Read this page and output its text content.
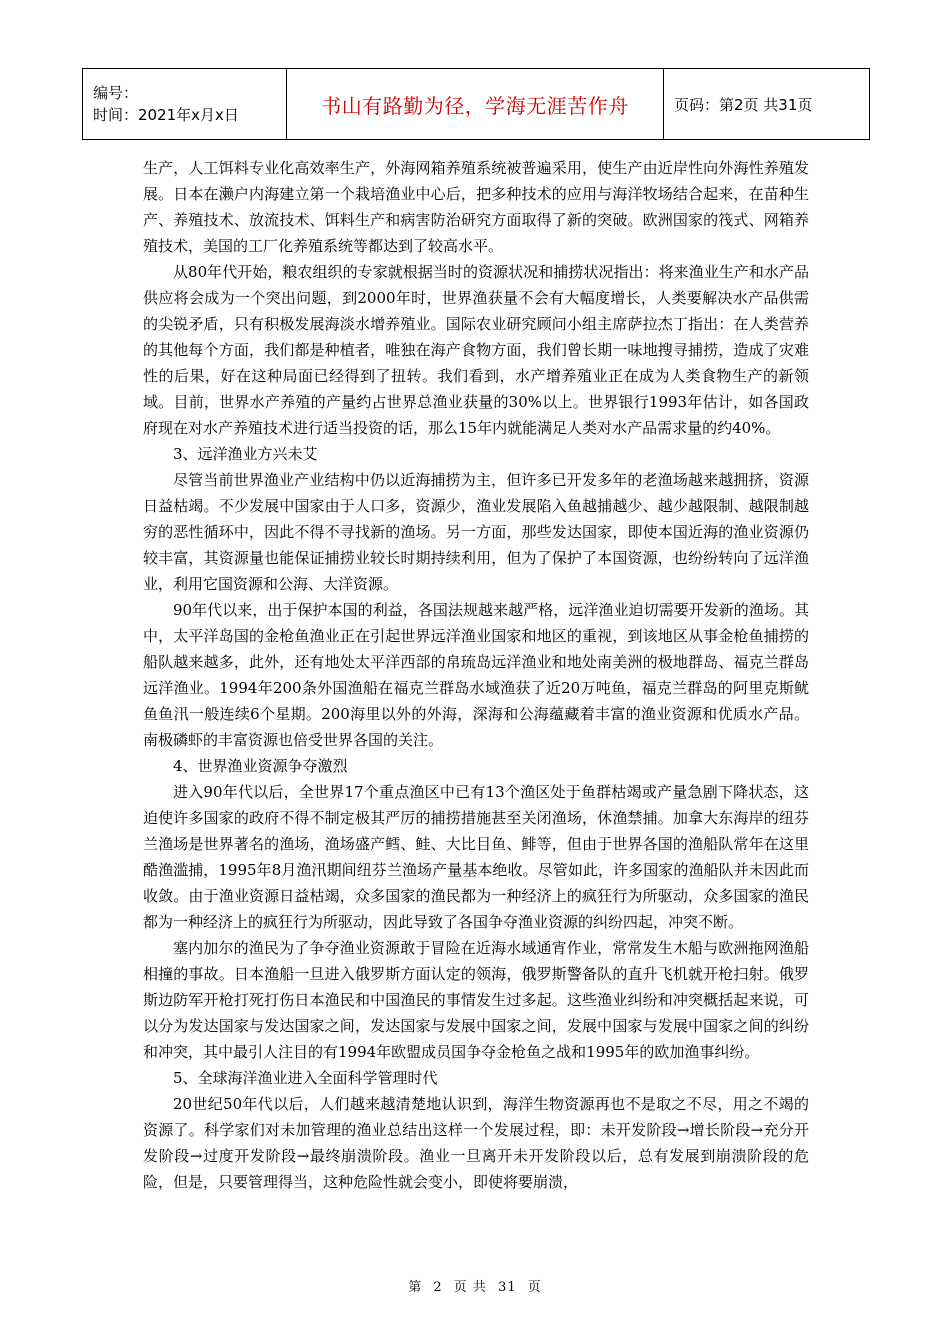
编号：
时间：2021年x月x日	书山有路勤为径，学海无涯苦作舟	页码：第2页 共31页

生产，人工饵料专业化高效率生产，外海网箱养殖系统被普遍采用，使生产由近岸性向外海性养殖发展。日本在濑户内海建立第一个栽培渔业中心后，把多种技术的应用与海洋牧场结合起来，在苗种生产、养殖技术、放流技术、饵料生产和病害防治研究方面取得了新的突破。欧洲国家的筏式、网箱养殖技术，美国的工厂化养殖系统等都达到了较高水平。

从80年代开始，粮农组织的专家就根据当时的资源状况和捕捞状况指出：将来渔业生产和水产品供应将会成为一个突出问题，到2000年时，世界渔获量不会有大幅度增长，人类要解决水产品供需的尖锐矛盾，只有积极发展海淡水增养殖业。国际农业研究顾问小组主席萨拉杰丁指出：在人类营养的其他每个方面，我们都是种植者，唯独在海产食物方面，我们曾长期一味地搜寻捕捞，造成了灾难性的后果，好在这种局面已经得到了扭转。我们看到，水产增养殖业正在成为人类食物生产的新领域。目前，世界水产养殖的产量约占世界总渔业获量的30%以上。世界银行1993年估计，如各国政府现在对水产养殖技术进行适当投资的话，那么15年内就能满足人类对水产品需求量的约40%。

3、远洋渔业方兴未艾

尽管当前世界渔业产业结构中仍以近海捕捞为主，但许多已开发多年的老渔场越来越拥挤，资源日益枯竭。不少发展中国家由于人口多，资源少，渔业发展陷入鱼越捕越少、越少越限制、越限制越穷的恶性循环中，因此不得不寻找新的渔场。另一方面，那些发达国家，即使本国近海的渔业资源仍较丰富，其资源量也能保证捕捞业较长时期持续利用，但为了保护了本国资源，也纷纷转向了远洋渔业，利用它国资源和公海、大洋资源。

90年代以来，出于保护本国的利益，各国法规越来越严格，远洋渔业迫切需要开发新的渔场。其中，太平洋岛国的金枪鱼渔业正在引起世界远洋渔业国家和地区的重视，到该地区从事金枪鱼捕捞的船队越来越多，此外，还有地处太平洋西部的帛琉岛远洋渔业和地处南美洲的极地群岛、福克兰群岛远洋渔业。1994年200条外国渔船在福克兰群岛水域渔获了近20万吨鱼，福克兰群岛的阿里克斯鱿鱼鱼汛一般连续6个星期。200海里以外的外海，深海和公海蕴藏着丰富的渔业资源和优质水产品。南极磷虾的丰富资源也倍受世界各国的关注。

4、世界渔业资源争夺激烈

进入90年代以后，全世界17个重点渔区中已有13个渔区处于鱼群枯竭或产量急剧下降状态，这迫使许多国家的政府不得不制定极其严厉的捕捞措施甚至关闭渔场，休渔禁捕。加拿大东海岸的纽芬兰渔场是世界著名的渔场，渔场盛产鳕、鲑、大比目鱼、鲱等，但由于世界各国的渔船队常年在这里酷渔滥捕，1995年8月渔汛期间纽芬兰渔场产量基本绝收。尽管如此，许多国家的渔船队并未因此而收敛。由于渔业资源日益枯竭，众多国家的渔民都为一种经济上的疯狂行为所驱动，众多国家的渔民都为一种经济上的疯狂行为所驱动，因此导致了各国争夺渔业资源的纠纷四起，冲突不断。

塞内加尔的渔民为了争夺渔业资源敢于冒险在近海水域通宵作业，常常发生木船与欧洲拖网渔船相撞的事故。日本渔船一旦进入俄罗斯方面认定的领海，俄罗斯警备队的直升飞机就开枪扫射。俄罗斯边防军开枪打死打伤日本渔民和中国渔民的事情发生过多起。这些渔业纠纷和冲突概括起来说，可以分为发达国家与发达国家之间，发达国家与发展中国家之间，发展中国家与发展中国家之间的纠纷和冲突，其中最引人注目的有1994年欧盟成员国争夺金枪鱼之战和1995年的欧加渔事纠纷。

5、全球海洋渔业进入全面科学管理时代

20世纪50年代以后，人们越来越清楚地认识到，海洋生物资源再也不是取之不尽，用之不竭的资源了。科学家们对未加管理的渔业总结出这样一个发展过程，即：未开发阶段→增长阶段→充分开发阶段→过度开发阶段→最终崩溃阶段。渔业一旦离开未开发阶段以后，总有发展到崩溃阶段的危险，但是，只要管理得当，这种危险性就会变小，即使将要崩溃，

第 2 页 共 31 页
